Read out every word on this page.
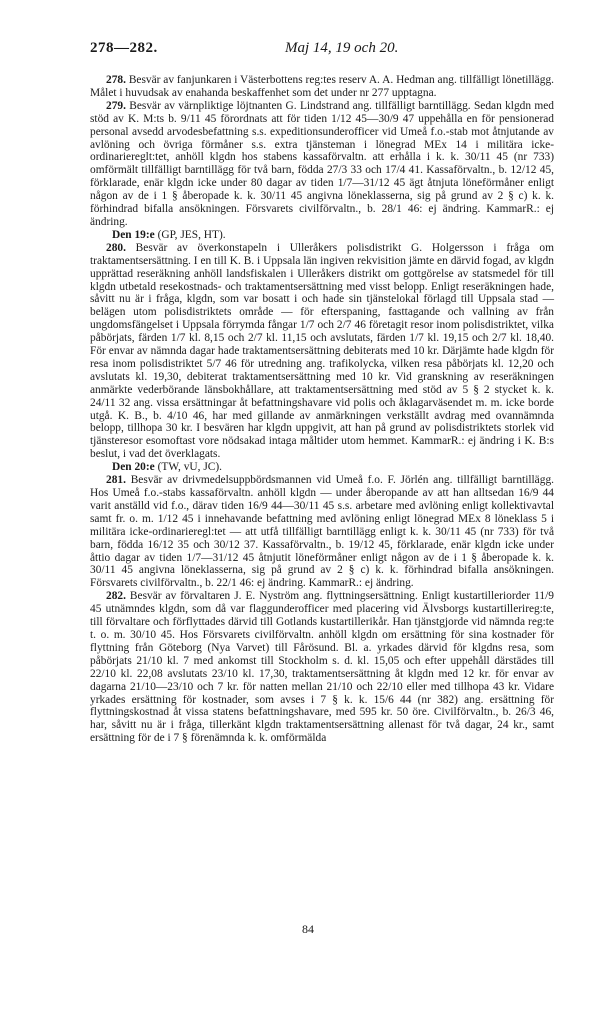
278—282.	Maj 14, 19 och 20.

278. Besvär av fanjunkaren i Västerbottens reg:tes reserv A. A. Hedman ang. tillfälligt lönetillägg. Målet i huvudsak av enahanda beskaffenhet som det under nr 277 upptagna.

279. Besvär av värnpliktige löjtnanten G. Lindstrand ang. tillfälligt barntillägg. Sedan klgdn med stöd av K. M:ts b. 9/11 45 förordnats att för tiden 1/12 45—30/9 47 uppehålla en för pensionerad personal avsedd arvodesbefattning s.s. expeditionsunderofficer vid Umeå f.o.-stab mot åtnjutande av avlöning och övriga förmåner s.s. extra tjänsteman i lönegrad MEx 14 i militära icke-ordinariereglt:tet, anhöll klgdn hos stabens kassaförvaltn. att erhålla i k. k. 30/11 45 (nr 733) omförmält tillfälligt barntillägg för två barn, födda 27/3 33 och 17/4 41. Kassaförvaltn., b. 12/12 45, förklarade, enär klgdn icke under 80 dagar av tiden 1/7—31/12 45 ägt åtnjuta löneförmåner enligt någon av de i 1 § åberopade k. k. 30/11 45 angivna löneklasserna, sig på grund av 2 § c) k. k. förhindrad bifalla ansökningen. Försvarets civilförvaltn., b. 28/1 46: ej ändring. KammarR.: ej ändring.

Den 19:e (GP, JES, HT).

280. Besvär av överkonstapeln i Ulleråkers polisdistrikt G. Holgersson i fråga om traktamentsersättning. I en till K. B. i Uppsala län ingiven rekvisition jämte en därvid fogad, av klgdn upprättad reseräkning anhöll landsfiskalen i Ulleråkers distrikt om gottgörelse av statsmedel för till klgdn utbetald resekostnads- och traktamentsersättning med visst belopp. Enligt reseräkningen hade, såvitt nu är i fråga, klgdn, som var bosatt i och hade sin tjänstelokal förlagd till Uppsala stad — belägen utom polisdistriktets område — för efterspaning, fasttagande och vallning av från ungdomsfängelset i Uppsala förrymda fångar 1/7 och 2/7 46 företagit resor inom polisdistriktet, vilka påbörjats, färden 1/7 kl. 8,15 och 2/7 kl. 11,15 och avslutats, färden 1/7 kl. 19,15 och 2/7 kl. 18,40. För envar av nämnda dagar hade traktamentsersättning debiterats med 10 kr. Därjämte hade klgdn för resa inom polisdistriktet 5/7 46 för utredning ang. trafikolycka, vilken resa påbörjats kl. 12,20 och avslutats kl. 19,30, debiterat traktamentsersättning med 10 kr. Vid granskning av reseräkningen anmärkte vederbörande länsbokhållare, att traktamentsersättning med stöd av 5 § 2 stycket k. k. 24/11 32 ang. vissa ersättningar åt befattningshavare vid polis och åklagarväsendet m. m. icke borde utgå. K. B., b. 4/10 46, har med gillande av anmärkningen verkställt avdrag med ovannämnda belopp, tillhopa 30 kr. I besvären har klgdn uppgivit, att han på grund av polisdistriktets storlek vid tjänsteresor esomoftast vore nödsakad intaga måltider utom hemmet. KammarR.: ej ändring i K. B:s beslut, i vad det överklagats.

Den 20:e (TW, vU, JC).

281. Besvär av drivmedelsuppbördsmannen vid Umeå f.o. F. Jörlén ang. tillfälligt barntillägg. Hos Umeå f.o.-stabs kassaförvaltn. anhöll klgdn — under åberopande av att han alltsedan 16/9 44 varit anställd vid f.o., därav tiden 16/9 44—30/11 45 s.s. arbetare med avlöning enligt kollektivavtal samt fr. o. m. 1/12 45 i innehavande befattning med avlöning enligt lönegrad MEx 8 löneklass 5 i militära icke-ordinarieregl:tet — att utfå tillfälligt barntillägg enligt k. k. 30/11 45 (nr 733) för två barn, födda 16/12 35 och 30/12 37. Kassaförvaltn., b. 19/12 45, förklarade, enär klgdn icke under åttio dagar av tiden 1/7—31/12 45 åtnjutit löneförmåner enligt någon av de i 1 § åberopade k. k. 30/11 45 angivna löneklasserna, sig på grund av 2 § c) k. k. förhindrad bifalla ansökningen. Försvarets civilförvaltn., b. 22/1 46: ej ändring. KammarR.: ej ändring.

282. Besvär av förvaltaren J. E. Nyström ang. flyttningsersättning. Enligt kustartilleriorder 11/9 45 utnämndes klgdn, som då var flaggunderofficer med placering vid Älvsborgs kustartillerireg:te, till förvaltare och förflyttades därvid till Gotlands kustartillerikår. Han tjänstgjorde vid nämnda reg:te t. o. m. 30/10 45. Hos Försvarets civilförvaltn. anhöll klgdn om ersättning för sina kostnader för flyttning från Göteborg (Nya Varvet) till Fårösund. Bl. a. yrkades därvid för klgdns resa, som påbörjats 21/10 kl. 7 med ankomst till Stockholm s. d. kl. 15,05 och efter uppehåll därstädes till 22/10 kl. 22,08 avslutats 23/10 kl. 17,30, traktamentsersättning åt klgdn med 12 kr. för envar av dagarna 21/10—23/10 och 7 kr. för natten mellan 21/10 och 22/10 eller med tillhopa 43 kr. Vidare yrkades ersättning för kostnader, som avses i 7 § k. k. 15/6 44 (nr 382) ang. ersättning för flyttningskostnad åt vissa statens befattningshavare, med 595 kr. 50 öre. Civilförvaltn., b. 26/3 46, har, såvitt nu är i fråga, tillerkänt klgdn traktamentsersättning allenast för två dagar, 24 kr., samt ersättning för de i 7 § förenämnda k. k. omförmälda

84
